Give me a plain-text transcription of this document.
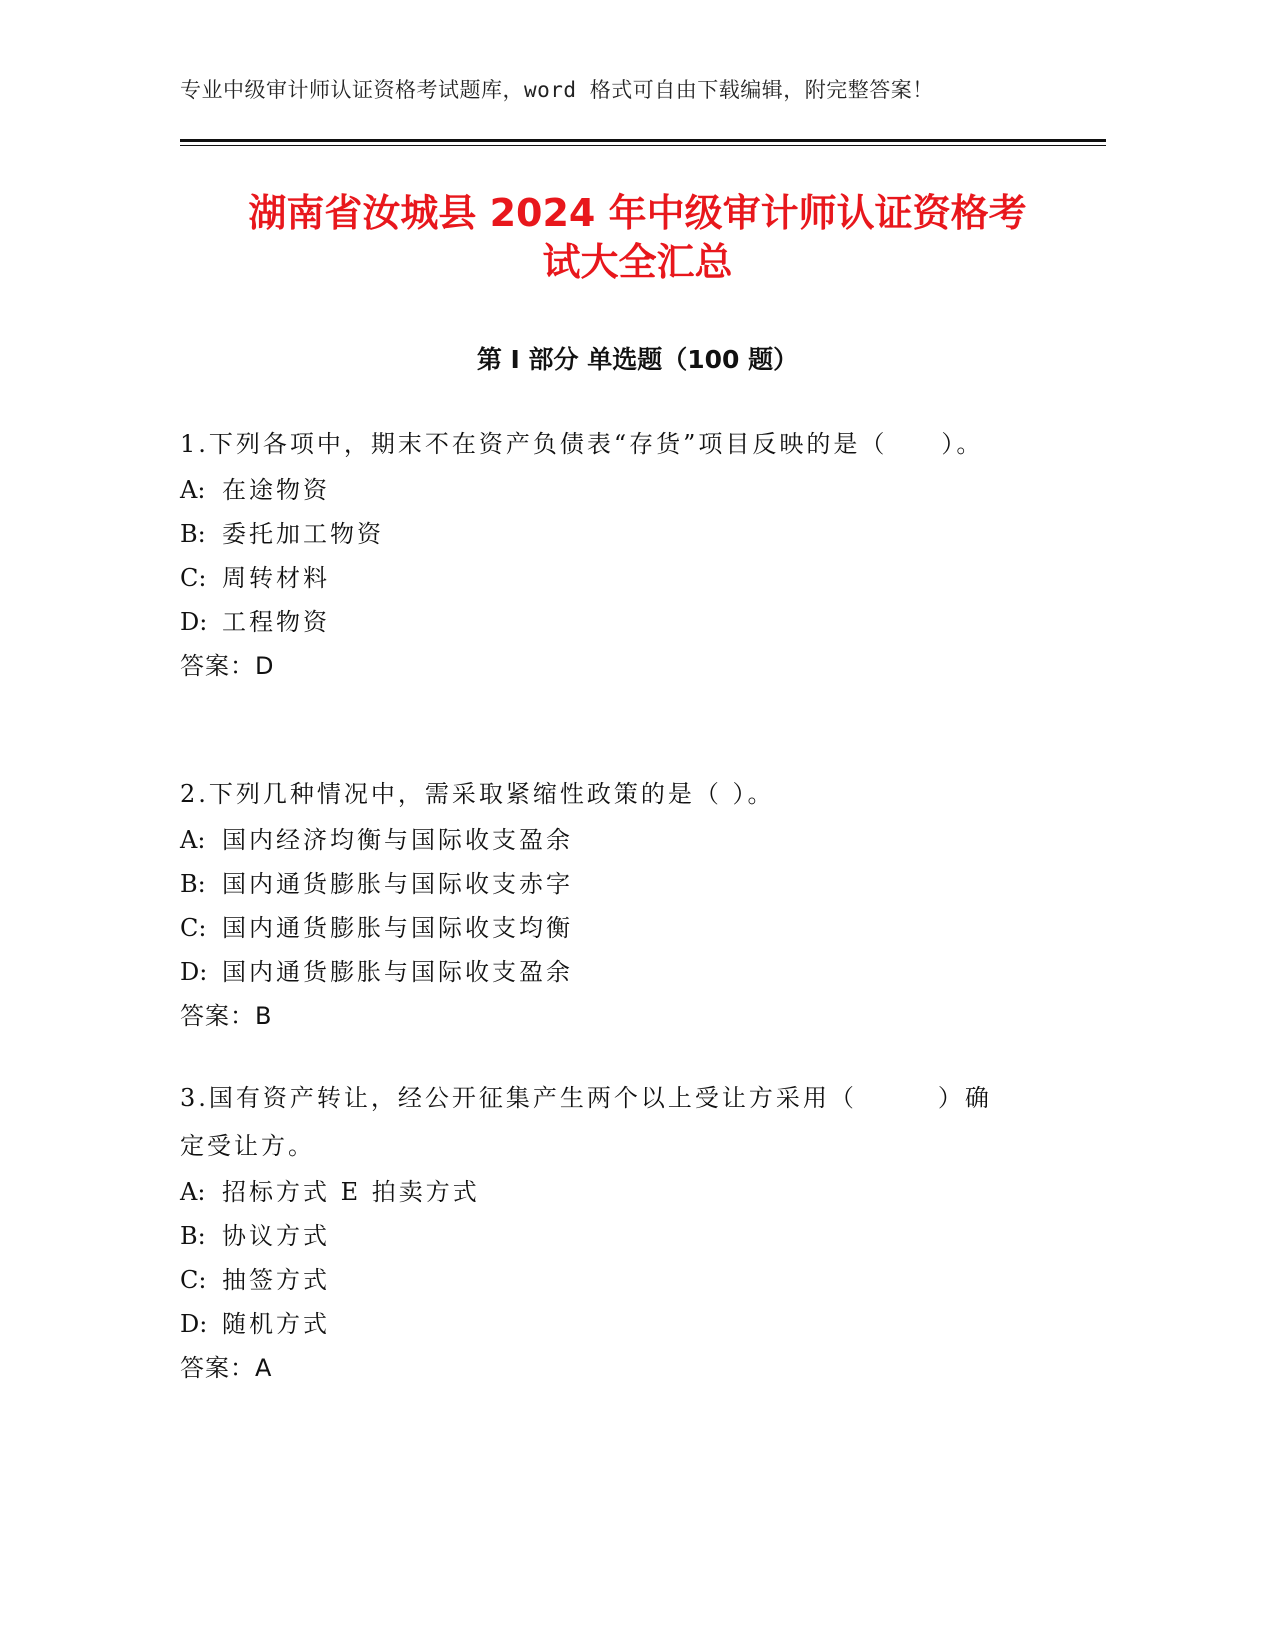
专业中级审计师认证资格考试题库，word 格式可自由下载编辑，附完整答案！
湖南省汝城县 2024 年中级审计师认证资格考
试大全汇总
第 I 部分 单选题（100 题）

1.下列各项中，期末不在资产负债表“存货”项目反映的是（　　）。

A: 在途物资
B: 委托加工物资
C: 周转材料
D: 工程物资
答案：D

2.下列几种情况中，需采取紧缩性政策的是（ ）。

A: 国内经济均衡与国际收支盈余
B: 国内通货膨胀与国际收支赤字
C: 国内通货膨胀与国际收支均衡
D: 国内通货膨胀与国际收支盈余
答案：B

3.国有资产转让，经公开征集产生两个以上受让方采用（　　　）确定受让方。

A: 招标方式 E 拍卖方式
B: 协议方式
C: 抽签方式
D: 随机方式
答案：A
